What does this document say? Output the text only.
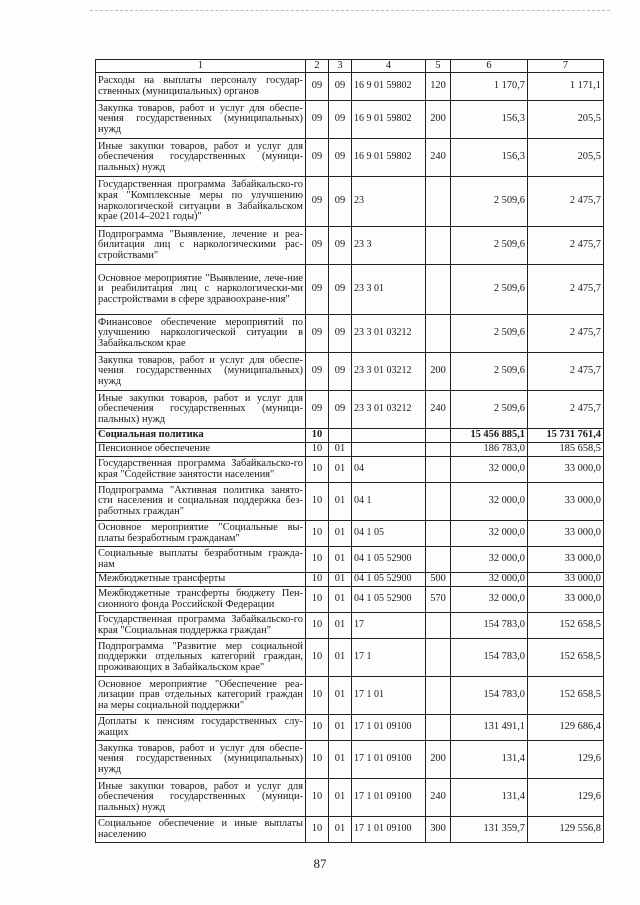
1	2	3	4	5	6	7
Расходы на выплаты персоналу государ-ственных (муниципальных) органов	09	09	16 9 01 59802	120	1 170,7	1 171,1
Закупка товаров, работ и услуг для обеспе-чения государственных (муниципальных) нужд	09	09	16 9 01 59802	200	156,3	205,5
Иные закупки товаров, работ и услуг для обеспечения государственных (муници-пальных) нужд	09	09	16 9 01 59802	240	156,3	205,5
Государственная программа Забайкальско-го края "Комплексные меры по улучшению наркологической ситуации в Забайкальском крае (2014–2021 годы)"	09	09	23		2 509,6	2 475,7
Подпрограмма "Выявление, лечение и реа-билитация лиц с наркологическими рас-стройствами"	09	09	23 3		2 509,6	2 475,7
Основное мероприятие "Выявление, лече-ние и реабилитация лиц с наркологически-ми расстройствами в сфере здравоохране-ния"	09	09	23 3 01		2 509,6	2 475,7
Финансовое обеспечение мероприятий по улучшению наркологической ситуации в Забайкальском крае	09	09	23 3 01 03212		2 509,6	2 475,7
Закупка товаров, работ и услуг для обеспе-чения государственных (муниципальных) нужд	09	09	23 3 01 03212	200	2 509,6	2 475,7
Иные закупки товаров, работ и услуг для обеспечения государственных (муници-пальных) нужд	09	09	23 3 01 03212	240	2 509,6	2 475,7
Социальная политика	10				15 456 885,1	15 731 761,4
Пенсионное обеспечение	10	01			186 783,0	185 658,5
Государственная программа Забайкальско-го края "Содействие занятости населения"	10	01	04		32 000,0	33 000,0
Подпрограмма "Активная политика занято-сти населения и социальная поддержка без-работных граждан"	10	01	04 1		32 000,0	33 000,0
Основное мероприятие "Социальные вы-платы безработным гражданам"	10	01	04 1 05		32 000,0	33 000,0
Социальные выплаты безработным гражда-нам	10	01	04 1 05 52900		32 000,0	33 000,0
Межбюджетные трансферты	10	01	04 1 05 52900	500	32 000,0	33 000,0
Межбюджетные трансферты бюджету Пен-сионного фонда Российской Федерации	10	01	04 1 05 52900	570	32 000,0	33 000,0
Государственная программа Забайкальско-го края "Социальная поддержка граждан"	10	01	17		154 783,0	152 658,5
Подпрограмма "Развитие мер социальной поддержки отдельных категорий граждан, проживающих в Забайкальском крае"	10	01	17 1		154 783,0	152 658,5
Основное мероприятие "Обеспечение реа-лизации прав отдельных категорий граждан на меры социальной поддержки"	10	01	17 1 01		154 783,0	152 658,5
Доплаты к пенсиям государственных слу-жащих	10	01	17 1 01 09100		131 491,1	129 686,4
Закупка товаров, работ и услуг для обеспе-чения государственных (муниципальных) нужд	10	01	17 1 01 09100	200	131,4	129,6
Иные закупки товаров, работ и услуг для обеспечения государственных (муници-пальных) нужд	10	01	17 1 01 09100	240	131,4	129,6
Социальное обеспечение и иные выплаты населению	10	01	17 1 01 09100	300	131 359,7	129 556,8
87
